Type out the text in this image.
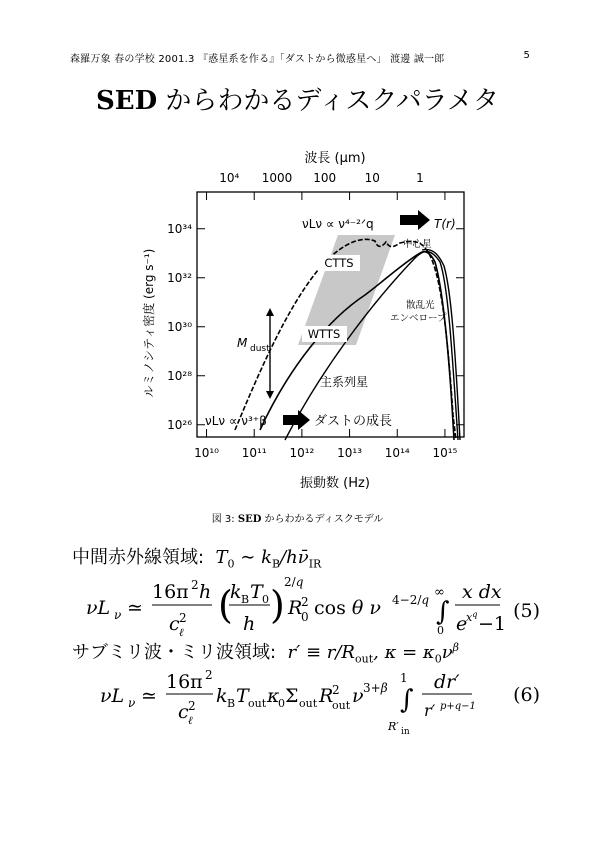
森羅万象 春の学校 2001.3 『惑星系を作る』「ダストから微惑星へ」 渡邊 誠一郎	5
SED からわかるディスクパラメタ
波長 (μm)
10⁴ 1000 100 10	1
振動数 (Hz)
10¹⁰ 10¹¹ 10¹² 10¹³ 10¹⁴ 10¹⁵
10²⁶
10²⁸
10³⁰
10³²
10³⁴
ルミノシティ密度 (erg s⁻¹)
νLν ∝ ν⁴⁻²ᐟq	T(r)
中心星
散乱光
エンベロープ
CTTS
WTTS
M dust
主系列星
νLν ∝ ν³⁺β	ダストの成長
図 3: SED からわかるディスクモデル
中間赤外線領域:  $T_0$ ∼ $k_B/h\nū_{IR}$
νL ν ≃
16π 2 h
c 2
ℓ
(
k B T 0
h )
2/q
R
2
0 cos θ ν 4−2/q ∞
∫
0
x dx
e
$x^q -1$
(5)
サブミリ波・ミリ波領域:  $r' \equiv r/R_{out}$, $\kappa = \kappa_0\nu^\beta$
νL ν ≃
16π 2
c 2
ℓ
k B T out κ
0 Σ out R
2
out ν 3+β
1
∫
R′ in
dr′
r′ p+q−1
(6)
